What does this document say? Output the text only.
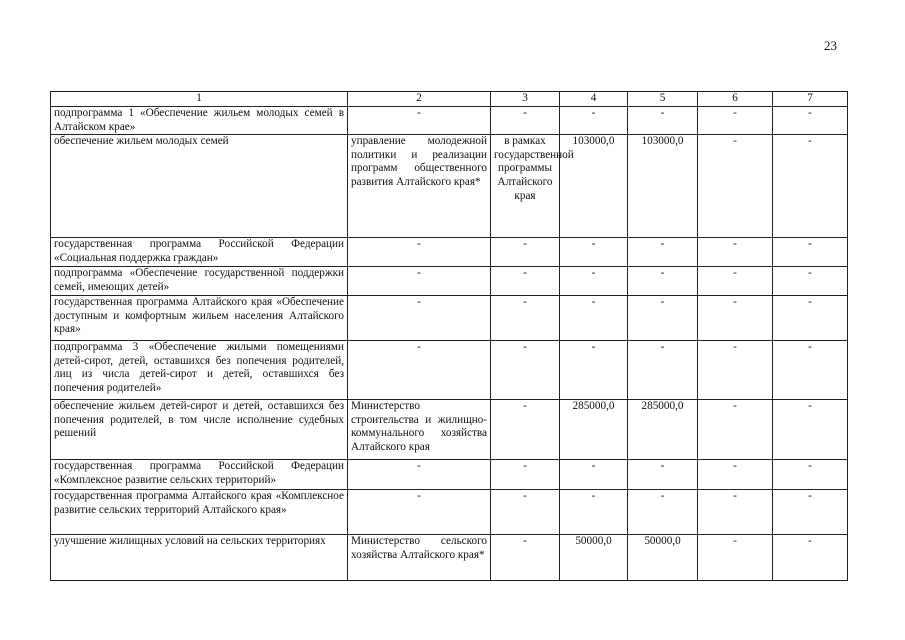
23
1	2	3	4	5	6	7
подпрограмма 1 «Обеспечение жильем молодых семей в Алтайском крае»	-	-	-	-	-	-
обеспечение жильем молодых семей	управление молодежной политики и реализации программ общественного развития Алтайского края*	в рамках государственной программы Алтайского края	103000,0	103000,0	-	-
государственная программа Российской Федерации «Социальная поддержка граждан»	-	-	-	-	-	-
подпрограмма «Обеспечение государственной поддержки семей, имеющих детей»	-	-	-	-	-	-
государственная программа Алтайского края «Обеспечение доступным и комфортным жильем населения Алтайского края»	-	-	-	-	-	-
подпрограмма 3 «Обеспечение жилыми помещениями детей-сирот, детей, оставшихся без попечения родителей, лиц из числа детей-сирот и детей, оставшихся без попечения родителей»	-	-	-	-	-	-
обеспечение жильем детей-сирот и детей, оставшихся без попечения родителей, в том числе исполнение судебных решений	Министерство строительства и жилищно-коммунального хозяйства Алтайского края	-	285000,0	285000,0	-	-
государственная программа Российской Федерации «Комплексное развитие сельских территорий»	-	-	-	-	-	-
государственная программа Алтайского края «Комплексное развитие сельских территорий Алтайского края»	-	-	-	-	-	-
улучшение жилищных условий на сельских территориях	Министерство сельского хозяйства Алтайского края*	-	50000,0	50000,0	-	-
